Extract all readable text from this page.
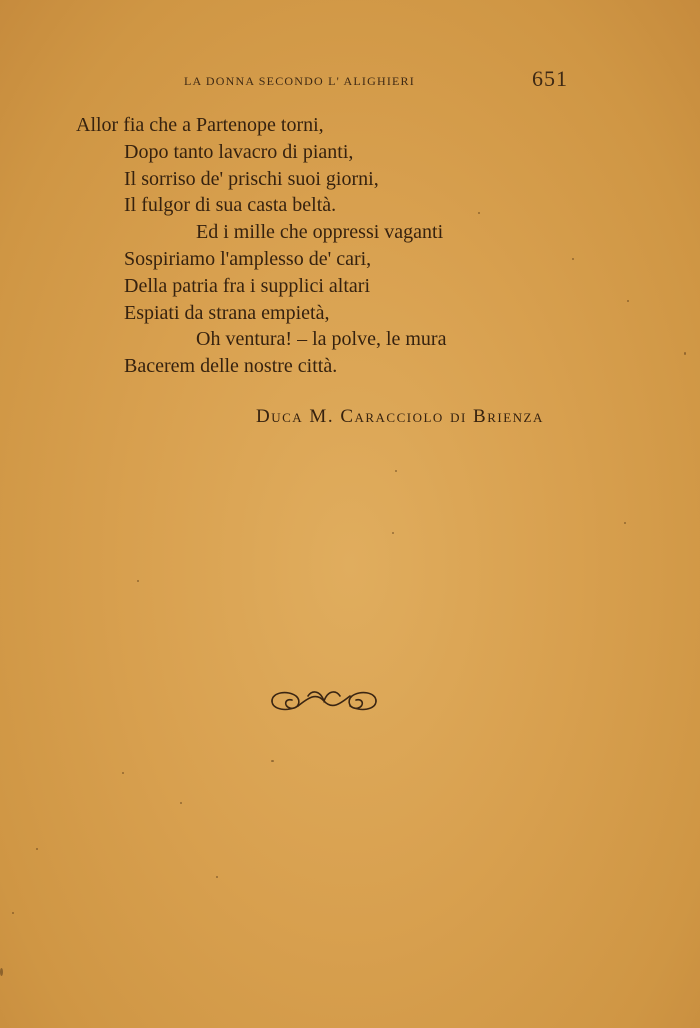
LA DONNA SECONDO L' ALIGHIERI	651
Allor fia che a Partenope torni,
Dopo tanto lavacro di pianti,
Il sorriso de' prischi suoi giorni,
Il fulgor di sua casta beltà.
Ed i mille che oppressi vaganti
Sospiriamo l'amplesso de' cari,
Della patria fra i supplici altari
Espiati da strana empietà,
Oh ventura! – la polve, le mura
Bacerem delle nostre città.
Duca M. Caracciolo di Brienza
